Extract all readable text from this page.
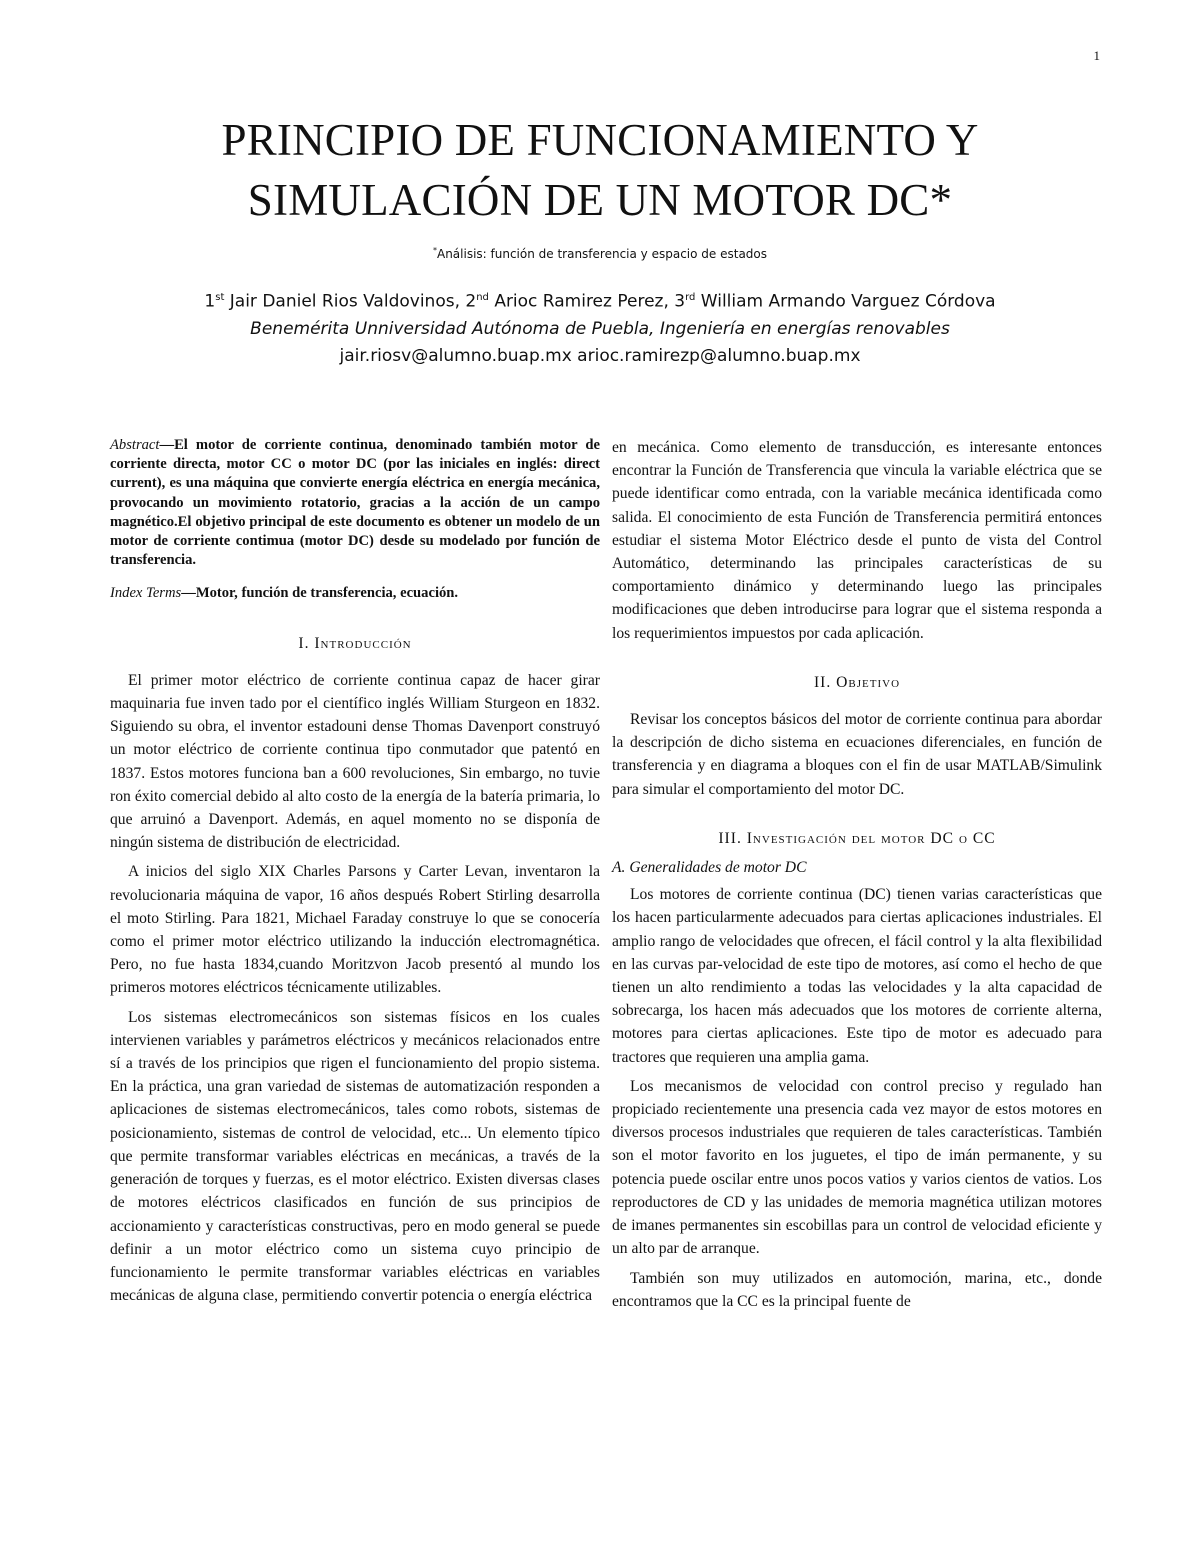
1
PRINCIPIO DE FUNCIONAMIENTO Y
SIMULACIÓN DE UN MOTOR DC*
*Análisis: función de transferencia y espacio de estados
1st Jair Daniel Rios Valdovinos, 2nd Arioc Ramirez Perez, 3rd William Armando Varguez Córdova
Benemérita Unniversidad Autónoma de Puebla, Ingeniería en energías renovables
jair.riosv@alumno.buap.mx arioc.ramirezp@alumno.buap.mx

Abstract—El motor de corriente continua, denominado también motor de corriente directa, motor CC o motor DC (por las iniciales en inglés: direct current), es una máquina que convierte energía eléctrica en energía mecánica, provocando un movimiento rotatorio, gracias a la acción de un campo magnético.El objetivo principal de este documento es obtener un modelo de un motor de corriente contimua (motor DC) desde su modelado por función de transferencia.

Index Terms—Motor, función de transferencia, ecuación.

I. Introducción

El primer motor eléctrico de corriente continua capaz de hacer girar maquinaria fue inven tado por el científico inglés William Sturgeon en 1832. Siguiendo su obra, el inventor estadouni dense Thomas Davenport construyó un motor eléctrico de corriente continua tipo conmutador que patentó en 1837. Estos motores funciona ban a 600 revoluciones, Sin embargo, no tuvie ron éxito comercial debido al alto costo de la energía de la batería primaria, lo que arruinó a Davenport. Además, en aquel momento no se disponía de ningún sistema de distribución de electricidad.

A inicios del siglo XIX Charles Parsons y Carter Levan, inventaron la revolucionaria máquina de vapor, 16 años después Robert Stirling desarrolla el moto Stirling. Para 1821, Michael Faraday construye lo que se conocería como el primer motor eléctrico utilizando la inducción electromagnética. Pero, no fue hasta 1834,cuando Moritzvon Jacob presentó al mundo los primeros motores eléctricos técnicamente utilizables.

Los sistemas electromecánicos son sistemas físicos en los cuales intervienen variables y parámetros eléctricos y mecánicos relacionados entre sí a través de los principios que rigen el funcionamiento del propio sistema. En la práctica, una gran variedad de sistemas de automatización responden a aplicaciones de sistemas electromecánicos, tales como robots, sistemas de posicionamiento, sistemas de control de velocidad, etc... Un elemento típico que permite transformar variables eléctricas en mecánicas, a través de la generación de torques y fuerzas, es el motor eléctrico. Existen diversas clases de motores eléctricos clasificados en función de sus principios de accionamiento y características constructivas, pero en modo general se puede definir a un motor eléctrico como un sistema cuyo principio de funcionamiento le permite transformar variables eléctricas en variables mecánicas de alguna clase, permitiendo convertir potencia o energía eléctrica

en mecánica. Como elemento de transducción, es interesante entonces encontrar la Función de Transferencia que vincula la variable eléctrica que se puede identificar como entrada, con la variable mecánica identificada como salida. El conocimiento de esta Función de Transferencia permitirá entonces estudiar el sistema Motor Eléctrico desde el punto de vista del Control Automático, determinando las principales características de su comportamiento dinámico y determinando luego las principales modificaciones que deben introducirse para lograr que el sistema responda a los requerimientos impuestos por cada aplicación.

II. Objetivo

Revisar los conceptos básicos del motor de corriente continua para abordar la descripción de dicho sistema en ecuaciones diferenciales, en función de transferencia y en diagrama a bloques con el fin de usar MATLAB/Simulink para simular el comportamiento del motor DC.

III. Investigación del motor DC o CC
A. Generalidades de motor DC

Los motores de corriente continua (DC) tienen varias características que los hacen particularmente adecuados para ciertas aplicaciones industriales. El amplio rango de velocidades que ofrecen, el fácil control y la alta flexibilidad en las curvas par-velocidad de este tipo de motores, así como el hecho de que tienen un alto rendimiento a todas las velocidades y la alta capacidad de sobrecarga, los hacen más adecuados que los motores de corriente alterna, motores para ciertas aplicaciones. Este tipo de motor es adecuado para tractores que requieren una amplia gama.

Los mecanismos de velocidad con control preciso y regulado han propiciado recientemente una presencia cada vez mayor de estos motores en diversos procesos industriales que requieren de tales características. También son el motor favorito en los juguetes, el tipo de imán permanente, y su potencia puede oscilar entre unos pocos vatios y varios cientos de vatios. Los reproductores de CD y las unidades de memoria magnética utilizan motores de imanes permanentes sin escobillas para un control de velocidad eficiente y un alto par de arranque.

También son muy utilizados en automoción, marina, etc., donde encontramos que la CC es la principal fuente de
